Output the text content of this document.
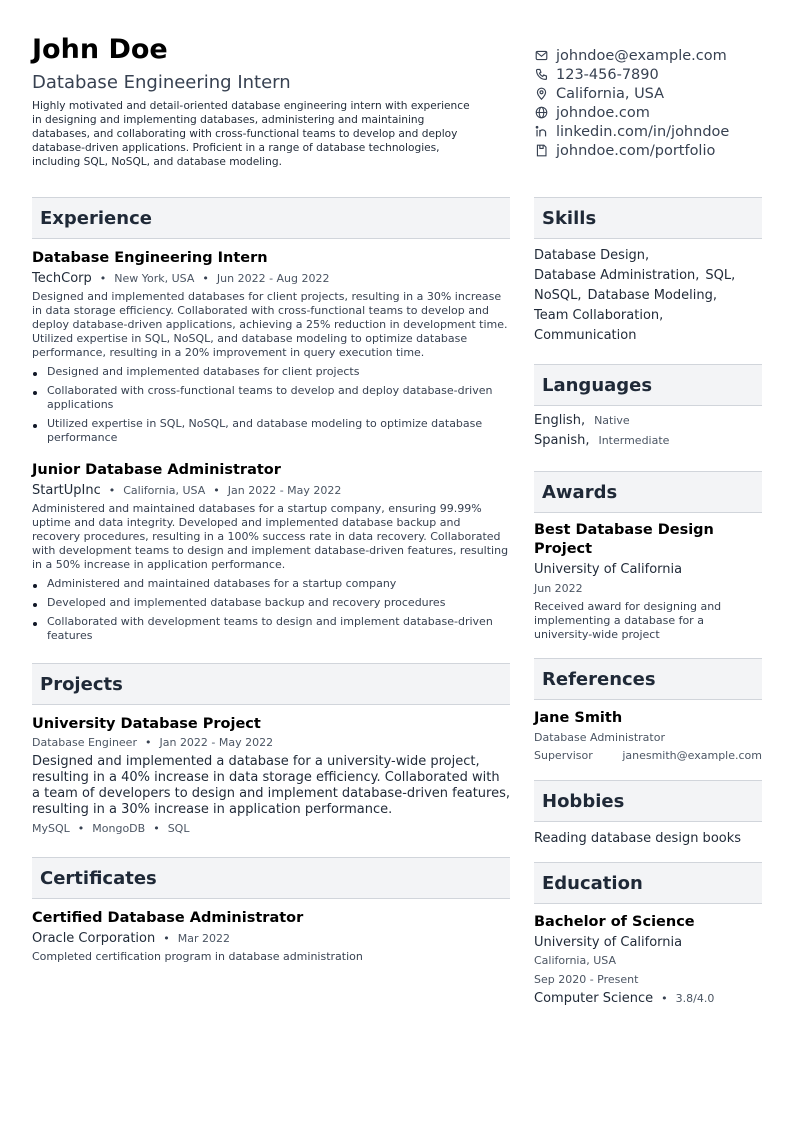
John Doe
Database Engineering Intern
Highly motivated and detail-oriented database engineering intern with experience in designing and implementing databases, administering and maintaining databases, and collaborating with cross-functional teams to develop and deploy database-driven applications. Proficient in a range of database technologies, including SQL, NoSQL, and database modeling.
johndoe@example.com
123-456-7890
California, USA
johndoe.com
linkedin.com/in/johndoe
johndoe.com/portfolio
Experience
Database Engineering Intern
TechCorp • New York, USA • Jun 2022 - Aug 2022
Designed and implemented databases for client projects, resulting in a 30% increase in data storage efficiency. Collaborated with cross-functional teams to develop and deploy database-driven applications, achieving a 25% reduction in development time. Utilized expertise in SQL, NoSQL, and database modeling to optimize database performance, resulting in a 20% improvement in query execution time.
Designed and implemented databases for client projects
Collaborated with cross-functional teams to develop and deploy database-driven applications
Utilized expertise in SQL, NoSQL, and database modeling to optimize database performance
Junior Database Administrator
StartUpInc • California, USA • Jan 2022 - May 2022
Administered and maintained databases for a startup company, ensuring 99.99% uptime and data integrity. Developed and implemented database backup and recovery procedures, resulting in a 100% success rate in data recovery. Collaborated with development teams to design and implement database-driven features, resulting in a 50% increase in application performance.
Administered and maintained databases for a startup company
Developed and implemented database backup and recovery procedures
Collaborated with development teams to design and implement database-driven features
Projects
University Database Project
Database Engineer • Jan 2022 - May 2022
Designed and implemented a database for a university-wide project, resulting in a 40% increase in data storage efficiency. Collaborated with a team of developers to design and implement database-driven features, resulting in a 30% increase in application performance.
MySQL • MongoDB • SQL
Certificates
Certified Database Administrator
Oracle Corporation • Mar 2022
Completed certification program in database administration
Skills
Database Design,
Database Administration, SQL,
NoSQL, Database Modeling,
Team Collaboration,
Communication
Languages
English, Native
Spanish, Intermediate
Awards
Best Database Design Project
University of California
Jun 2022
Received award for designing and implementing a database for a university-wide project
References
Jane Smith
Database Administrator
Supervisor	janesmith@example.com
Hobbies
Reading database design books
Education
Bachelor of Science
University of California
California, USA
Sep 2020 - Present
Computer Science • 3.8/4.0
